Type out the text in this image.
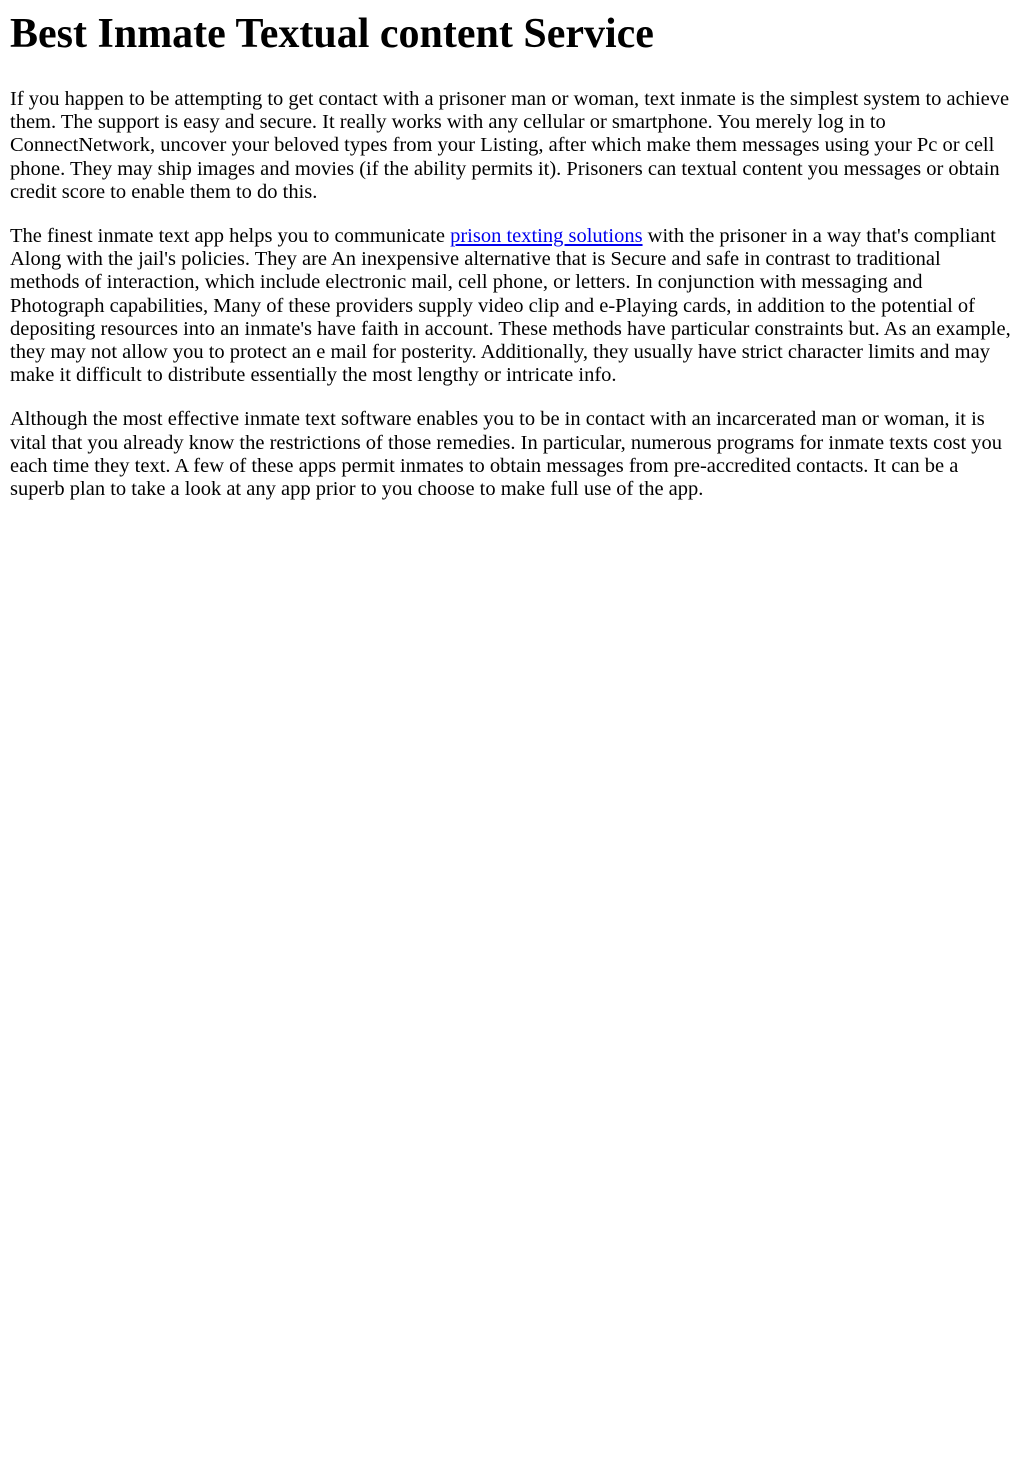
Best Inmate Textual content Service

If you happen to be attempting to get contact with a prisoner man or woman, text inmate is the simplest system to achieve them. The support is easy and secure. It really works with any cellular or smartphone. You merely log in to ConnectNetwork, uncover your beloved types from your Listing, after which make them messages using your Pc or cell phone. They may ship images and movies (if the ability permits it). Prisoners can textual content you messages or obtain credit score to enable them to do this.

The finest inmate text app helps you to communicate prison texting solutions with the prisoner in a way that's compliant Along with the jail's policies. They are An inexpensive alternative that is Secure and safe in contrast to traditional methods of interaction, which include electronic mail, cell phone, or letters. In conjunction with messaging and Photograph capabilities, Many of these providers supply video clip and e-Playing cards, in addition to the potential of depositing resources into an inmate's have faith in account. These methods have particular constraints but. As an example, they may not allow you to protect an e mail for posterity. Additionally, they usually have strict character limits and may make it difficult to distribute essentially the most lengthy or intricate info.

Although the most effective inmate text software enables you to be in contact with an incarcerated man or woman, it is vital that you already know the restrictions of those remedies. In particular, numerous programs for inmate texts cost you each time they text. A few of these apps permit inmates to obtain messages from pre-accredited contacts. It can be a superb plan to take a look at any app prior to you choose to make full use of the app.
